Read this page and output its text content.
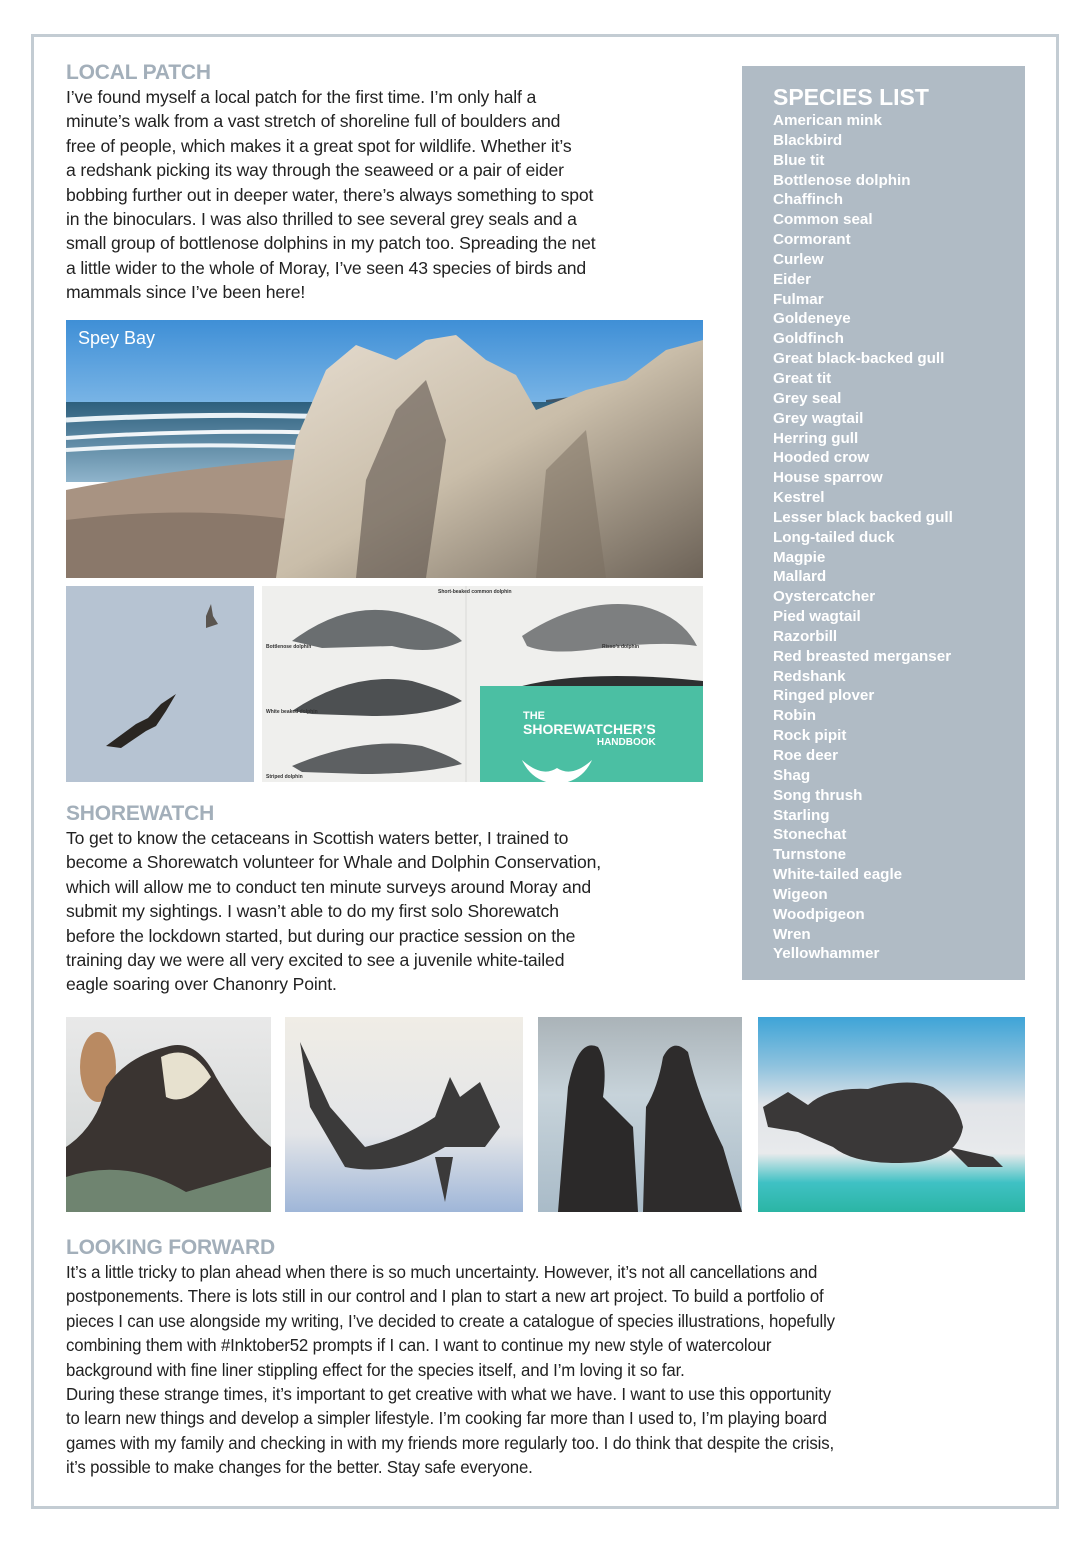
LOCAL PATCH
I’ve found myself a local patch for the first time. I’m only half a
minute’s walk from a vast stretch of shoreline full of boulders and
free of people, which makes it a great spot for wildlife. Whether it’s
a redshank picking its way through the seaweed or a pair of eider
bobbing further out in deeper water, there’s always something to spot
in the binoculars. I was also thrilled to see several grey seals and a
small group of bottlenose dolphins in my patch too. Spreading the net
a little wider to the whole of Moray, I’ve seen 43 species of birds and
mammals since I’ve been here!
Spey Bay
Bottlenose dolphin
White beaked dolphin
Striped dolphin
Short-beaked common dolphin
Risso’s dolphin
THE
SHOREWATCHER’S
HANDBOOK
SHOREWATCH
To get to know the cetaceans in Scottish waters better, I trained to
become a Shorewatch volunteer for Whale and Dolphin Conservation,
which will allow me to conduct ten minute surveys around Moray and
submit my sightings. I wasn’t able to do my first solo Shorewatch
before the lockdown started, but during our practice session on the
training day we were all very excited to see a juvenile white-tailed
eagle soaring over Chanonry Point.
SPECIES LIST
American mink
Blackbird
Blue tit
Bottlenose dolphin
Chaffinch
Common seal
Cormorant
Curlew
Eider
Fulmar
Goldeneye
Goldfinch
Great black-backed gull
Great tit
Grey seal
Grey wagtail
Herring gull
Hooded crow
House sparrow
Kestrel
Lesser black backed gull
Long-tailed duck
Magpie
Mallard
Oystercatcher
Pied wagtail
Razorbill
Red breasted merganser
Redshank
Ringed plover
Robin
Rock pipit
Roe deer
Shag
Song thrush
Starling
Stonechat
Turnstone
White-tailed eagle
Wigeon
Woodpigeon
Wren
Yellowhammer
LOOKING FORWARD
It’s a little tricky to plan ahead when there is so much uncertainty. However, it’s not all cancellations and
postponements. There is lots still in our control and I plan to start a new art project. To build a portfolio of
pieces I can use alongside my writing, I’ve decided to create a catalogue of species illustrations, hopefully
combining them with #Inktober52 prompts if I can. I want to continue my new style of watercolour
background with fine liner stippling effect for the species itself, and I’m loving it so far.
During these strange times, it’s important to get creative with what we have. I want to use this opportunity
to learn new things and develop a simpler lifestyle. I’m cooking far more than I used to, I’m playing board
games with my family and checking in with my friends more regularly too. I do think that despite the crisis,
it’s possible to make changes for the better. Stay safe everyone.
